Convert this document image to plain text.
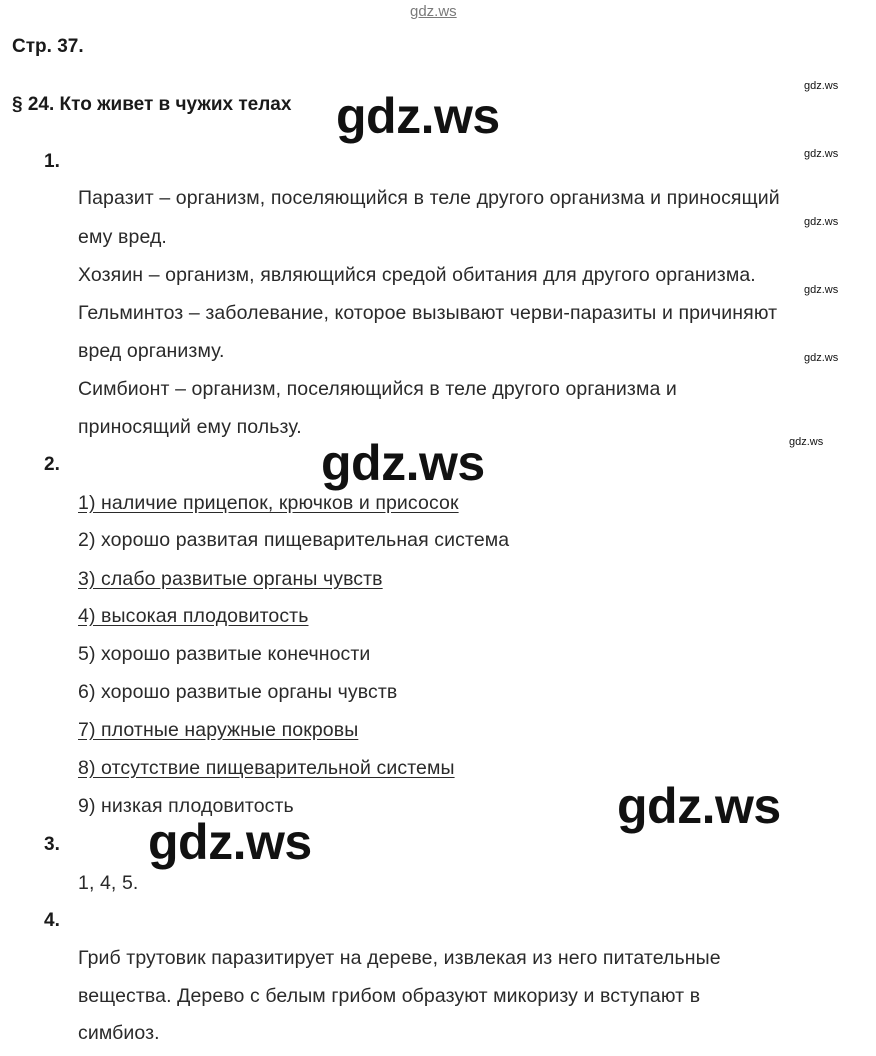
gdz.ws
Стр. 37.
§ 24. Кто живет в чужих телах
1.
Паразит – организм, поселяющийся в теле другого организма и приносящий
ему вред.
Хозяин – организм, являющийся средой обитания для другого организма.
Гельминтоз – заболевание, которое вызывают черви-паразиты и причиняют
вред организму.
Симбионт – организм, поселяющийся в теле другого организма и
приносящий ему пользу.
2.
1) наличие прицепок, крючков и присосок
2) хорошо развитая пищеварительная система
3) слабо развитые органы чувств
4) высокая плодовитость
5) хорошо развитые конечности
6) хорошо развитые органы чувств
7) плотные наружные покровы
8) отсутствие пищеварительной системы
9) низкая плодовитость
3.
1, 4, 5.
4.
Гриб трутовик паразитирует на дереве, извлекая из него питательные
вещества. Дерево с белым грибом образуют микоризу и вступают в
симбиоз.
gdz.ws
gdz.ws
gdz.ws
gdz.ws
gdz.ws
gdz.ws
gdz.ws
gdz.ws
gdz.ws
gdz.ws
